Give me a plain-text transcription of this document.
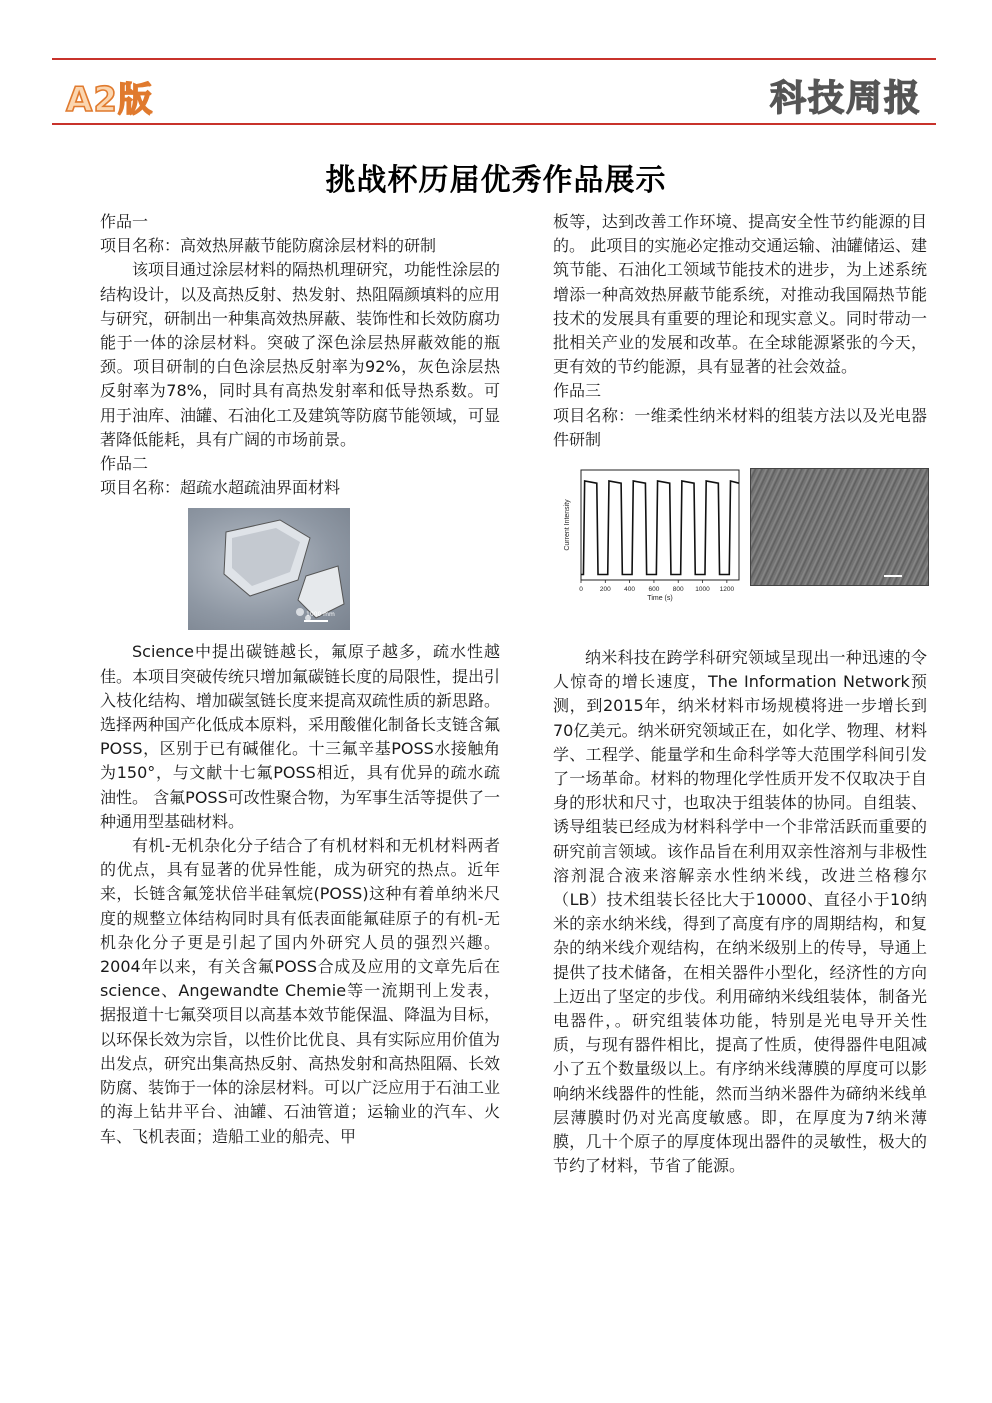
A2版	科技周报
挑战杯历届优秀作品展示

作品一

项目名称：高效热屏蔽节能防腐涂层材料的研制

该项目通过涂层材料的隔热机理研究，功能性涂层的结构设计，以及高热反射、热发射、热阻隔颜填料的应用与研究，研制出一种集高效热屏蔽、装饰性和长效防腐功能于一体的涂层材料。突破了深色涂层热屏蔽效能的瓶颈。项目研制的白色涂层热反射率为92%，灰色涂层热反射率为78%，同时具有高热发射率和低导热系数。可用于油库、油罐、石油化工及建筑等防腐节能领域，可显著降低能耗，具有广阔的市场前景。

作品二

项目名称：超疏水超疏油界面材料

1000 mm

Science中提出碳链越长，氟原子越多，疏水性越佳。本项目突破传统只增加氟碳链长度的局限性，提出引入枝化结构、增加碳氢链长度来提高双疏性质的新思路。 选择两种国产化低成本原料，采用酸催化制备长支链含氟POSS，区别于已有碱催化。十三氟辛基POSS水接触角为150°，与文献十七氟POSS相近，具有优异的疏水疏油性。 含氟POSS可改性聚合物，为军事生活等提供了一种通用型基础材料。

有机-无机杂化分子结合了有机材料和无机材料两者的优点，具有显著的优异性能，成为研究的热点。近年来，长链含氟笼状倍半硅氧烷(POSS)这种有着单纳米尺度的规整立体结构同时具有低表面能氟硅原子的有机-无机杂化分子更是引起了国内外研究人员的强烈兴趣。2004年以来，有关含氟POSS合成及应用的文章先后在science、Angewandte Chemie等一流期刊上发表，据报道十七氟癸项目以高基本效节能保温、降温为目标，以环保长效为宗旨，以性价比优良、具有实际应用价值为出发点，研究出集高热反射、高热发射和高热阻隔、长效防腐、装饰于一体的涂层材料。可以广泛应用于石油工业的海上钻井平台、油罐、石油管道；运输业的汽车、火车、飞机表面；造船工业的船壳、甲

板等，达到改善工作环境、提高安全性节约能源的目的。 此项目的实施必定推动交通运输、油罐储运、建筑节能、石油化工领域节能技术的进步，为上述系统增添一种高效热屏蔽节能系统，对推动我国隔热节能技术的发展具有重要的理论和现实意义。同时带动一批相关产业的发展和改革。在全球能源紧张的今天，更有效的节约能源，具有显著的社会效益。

作品三

项目名称：一维柔性纳米材料的组装方法以及光电器件研制

0	200 400 600 800 1000 1200
Time (s)
Current Intensity

纳米科技在跨学科研究领域呈现出一种迅速的令人惊奇的增长速度，The Information Network预测，到2015年，纳米材料市场规模将进一步增长到70亿美元。纳米研究领域正在，如化学、物理、材料学、工程学、能量学和生命科学等大范围学科间引发了一场革命。材料的物理化学性质开发不仅取决于自身的形状和尺寸，也取决于组装体的协同。自组装、诱导组装已经成为材料科学中一个非常活跃而重要的研究前言领域。该作品旨在利用双亲性溶剂与非极性溶剂混合液来溶解亲水性纳米线，改进兰格穆尔（LB）技术组装长径比大于10000、直径小于10纳米的亲水纳米线，得到了高度有序的周期结构，和复杂的纳米线介观结构，在纳米级别上的传导，导通上提供了技术储备，在相关器件小型化，经济性的方向上迈出了坚定的步伐。利用碲纳米线组装体，制备光电器件，。研究组装体功能，特别是光电导开关性质，与现有器件相比，提高了性质，使得器件电阻减小了五个数量级以上。有序纳米线薄膜的厚度可以影响纳米线器件的性能，然而当纳米器件为碲纳米线单层薄膜时仍对光高度敏感。即，在厚度为7纳米薄膜，几十个原子的厚度体现出器件的灵敏性，极大的节约了材料，节省了能源。
